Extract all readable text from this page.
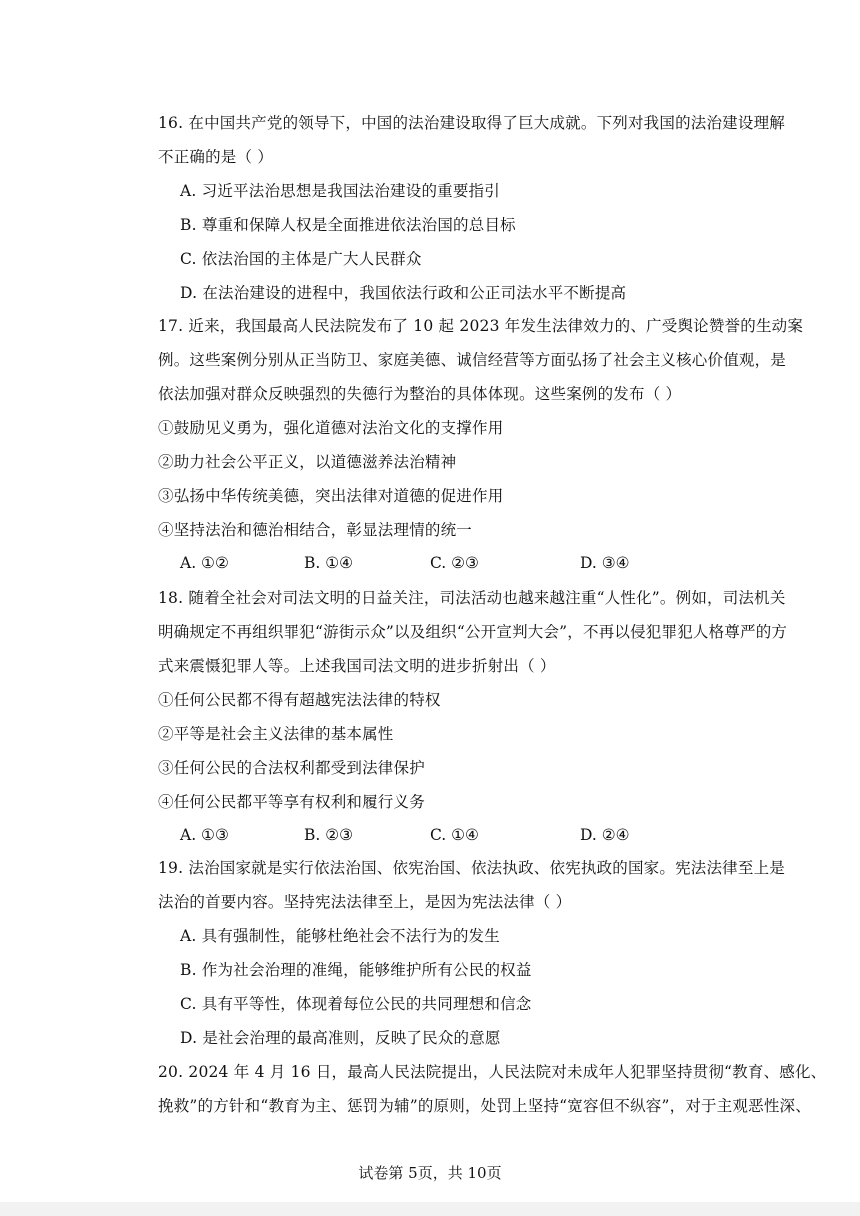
16. 在中国共产党的领导下，中国的法治建设取得了巨大成就。下列对我国的法治建设理解
不正确的是（ ）
A. 习近平法治思想是我国法治建设的重要指引
B. 尊重和保障人权是全面推进依法治国的总目标
C. 依法治国的主体是广大人民群众
D. 在法治建设的进程中，我国依法行政和公正司法水平不断提高
17. 近来，我国最高人民法院发布了 10 起 2023 年发生法律效力的、广受舆论赞誉的生动案
例。这些案例分别从正当防卫、家庭美德、诚信经营等方面弘扬了社会主义核心价值观，是
依法加强对群众反映强烈的失德行为整治的具体体现。这些案例的发布（ ）
①鼓励见义勇为，强化道德对法治文化的支撑作用
②助力社会公平正义，以道德滋养法治精神
③弘扬中华传统美德，突出法律对道德的促进作用
④坚持法治和德治相结合，彰显法理情的统一
A. ①②	B. ①④	C. ②③	D. ③④
18. 随着全社会对司法文明的日益关注，司法活动也越来越注重“人性化”。例如，司法机关
明确规定不再组织罪犯“游街示众”以及组织“公开宣判大会”，不再以侵犯罪犯人格尊严的方
式来震慑犯罪人等。上述我国司法文明的进步折射出（ ）
①任何公民都不得有超越宪法法律的特权
②平等是社会主义法律的基本属性
③任何公民的合法权利都受到法律保护
④任何公民都平等享有权利和履行义务
A. ①③	B. ②③	C. ①④	D. ②④
19. 法治国家就是实行依法治国、依宪治国、依法执政、依宪执政的国家。宪法法律至上是
法治的首要内容。坚持宪法法律至上，是因为宪法法律（ ）
A. 具有强制性，能够杜绝社会不法行为的发生
B. 作为社会治理的准绳，能够维护所有公民的权益
C. 具有平等性，体现着每位公民的共同理想和信念
D. 是社会治理的最高准则，反映了民众的意愿
20. 2024 年 4 月 16 日，最高人民法院提出，人民法院对未成年人犯罪坚持贯彻“教育、感化、
挽救”的方针和“教育为主、惩罚为辅”的原则，处罚上坚持“宽容但不纵容”，对于主观恶性深、
试卷第 5页，共 10页
